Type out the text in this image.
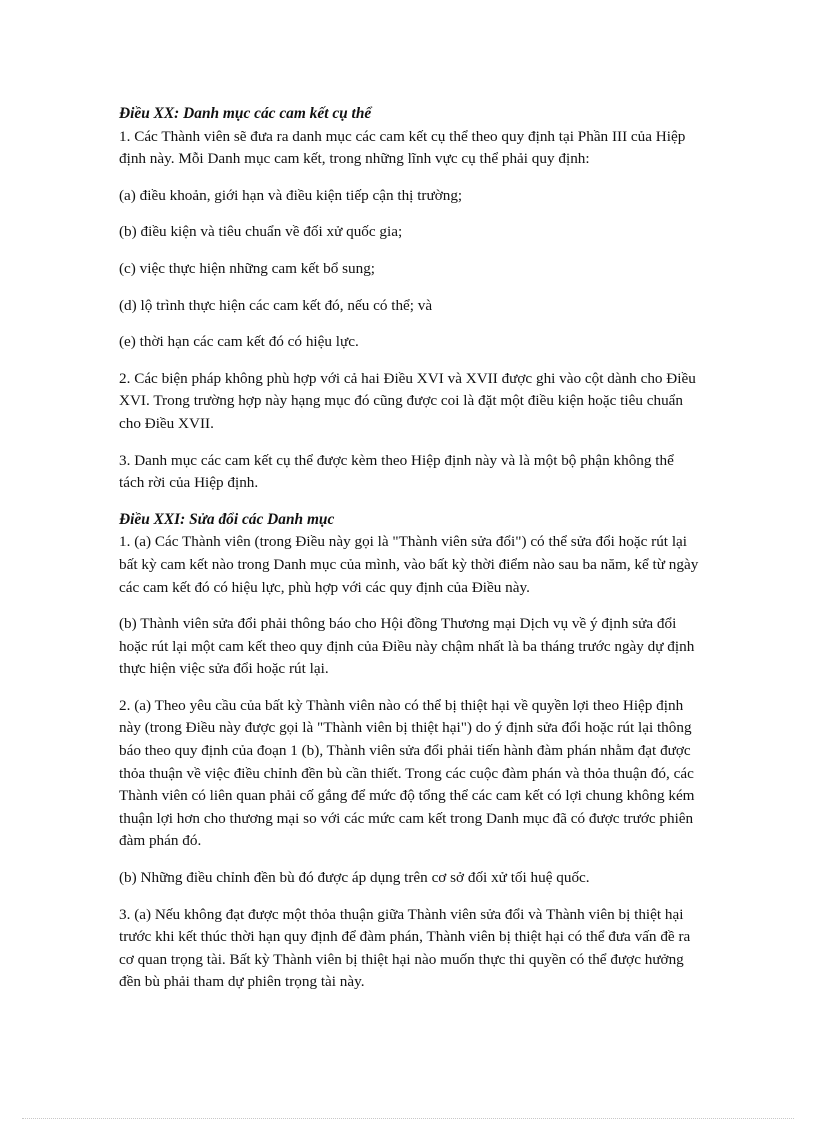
Điều XX: Danh mục các cam kết cụ thể

1. Các Thành viên sẽ đưa ra danh mục các cam kết cụ thể theo quy định tại Phần III của Hiệp định này. Mỗi Danh mục cam kết, trong những lĩnh vực cụ thể phải quy định:

(a) điều khoản, giới hạn và điều kiện tiếp cận thị trường;

(b) điều kiện và tiêu chuẩn về đối xử quốc gia;

(c) việc thực hiện những cam kết bổ sung;

(d) lộ trình thực hiện các cam kết đó, nếu có thể; và

(e) thời hạn các cam kết đó có hiệu lực.

2. Các biện pháp không phù hợp với cả hai Điều XVI và XVII được ghi vào cột dành cho Điều XVI. Trong trường hợp này hạng mục đó cũng được coi là đặt một điều kiện hoặc tiêu chuẩn cho Điều XVII.

3. Danh mục các cam kết cụ thể được kèm theo Hiệp định này và là một bộ phận không thể tách rời của Hiệp định.

Điều XXI: Sửa đổi các Danh mục

1. (a) Các Thành viên (trong Điều này gọi là "Thành viên sửa đổi") có thể sửa đổi hoặc rút lại bất kỳ cam kết nào trong Danh mục của mình, vào bất kỳ thời điểm nào sau ba năm, kể từ ngày các cam kết đó có hiệu lực, phù hợp với các quy định của Điều này.

(b) Thành viên sửa đổi phải thông báo cho Hội đồng Thương mại Dịch vụ về ý định sửa đổi hoặc rút lại một cam kết theo quy định của Điều này chậm nhất là ba tháng trước ngày dự định thực hiện việc sửa đổi hoặc rút lại.

2. (a) Theo yêu cầu của bất kỳ Thành viên nào có thể bị thiệt hại về quyền lợi theo Hiệp định này (trong Điều này được gọi là "Thành viên bị thiệt hại") do ý định sửa đổi hoặc rút lại thông báo theo quy định của đoạn 1 (b), Thành viên sửa đổi phải tiến hành đàm phán nhằm đạt được thỏa thuận về việc điều chỉnh đền bù cần thiết. Trong các cuộc đàm phán và thỏa thuận đó, các Thành viên có liên quan phải cố gắng để mức độ tổng thể các cam kết có lợi chung không kém thuận lợi hơn cho thương mại so với các mức cam kết trong Danh mục đã có được trước phiên đàm phán đó.

(b) Những điều chỉnh đền bù đó được áp dụng trên cơ sở đối xử tối huệ quốc.

3. (a) Nếu không đạt được một thỏa thuận giữa Thành viên sửa đổi và Thành viên bị thiệt hại trước khi kết thúc thời hạn quy định để đàm phán, Thành viên bị thiệt hại có thể đưa vấn đề ra cơ quan trọng tài. Bất kỳ Thành viên bị thiệt hại nào muốn thực thi quyền có thể được hưởng đền bù phải tham dự phiên trọng tài này.
